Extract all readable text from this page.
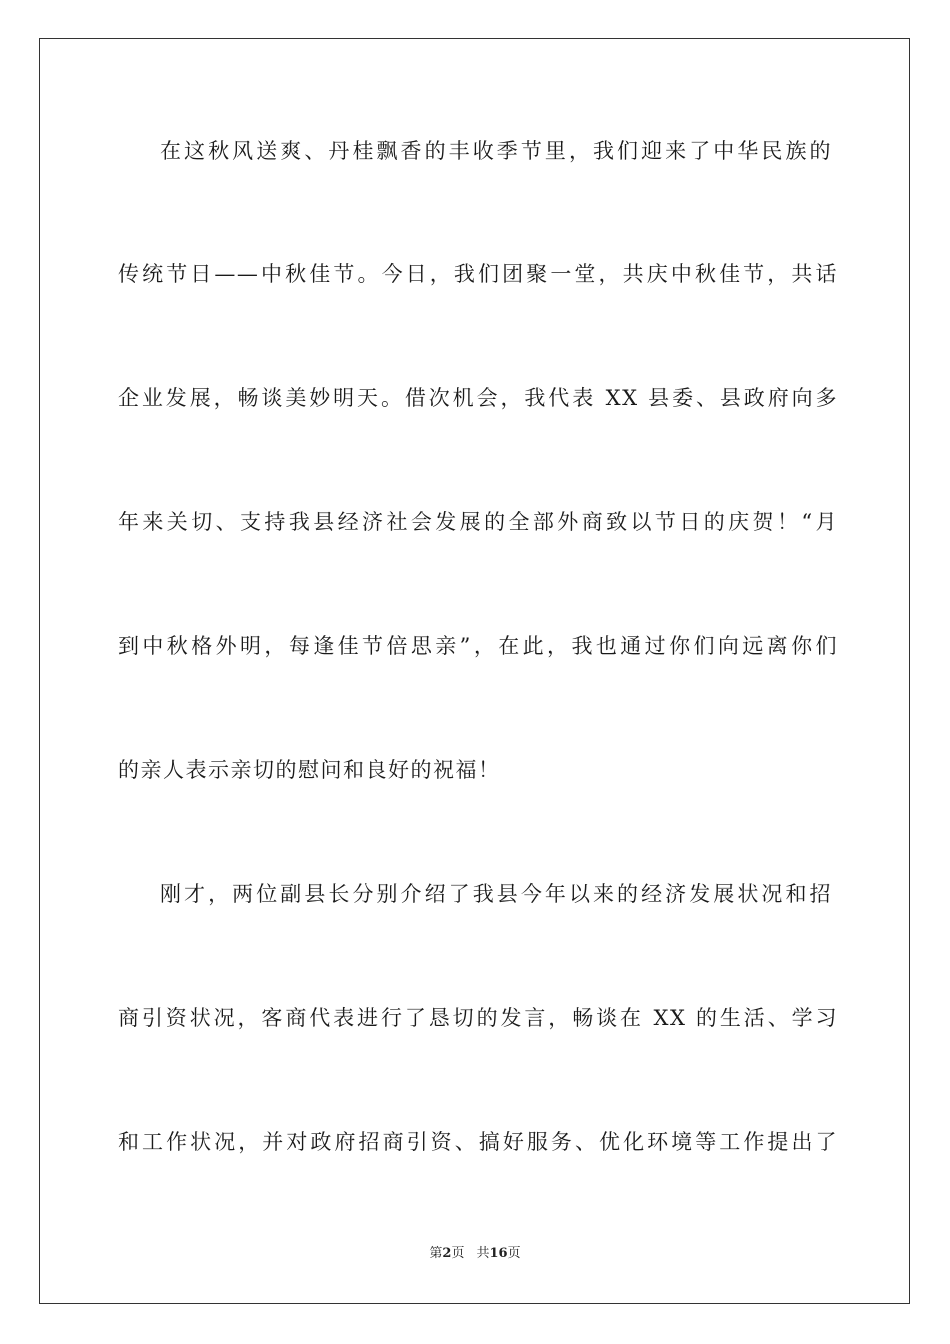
在这秋风送爽、丹桂飘香的丰收季节里，我们迎来了中华民族的
传统节日——中秋佳节。今日，我们团聚一堂，共庆中秋佳节，共话
企业发展，畅谈美妙明天。借次机会，我代表 XX 县委、县政府向多
年来关切、支持我县经济社会发展的全部外商致以节日的庆贺！“月
到中秋格外明，每逢佳节倍思亲”，在此，我也通过你们向远离你们
的亲人表示亲切的慰问和良好的祝福！
刚才，两位副县长分别介绍了我县今年以来的经济发展状况和招
商引资状况，客商代表进行了恳切的发言，畅谈在 XX 的生活、学习
和工作状况，并对政府招商引资、搞好服务、优化环境等工作提出了
第2页 共16页
